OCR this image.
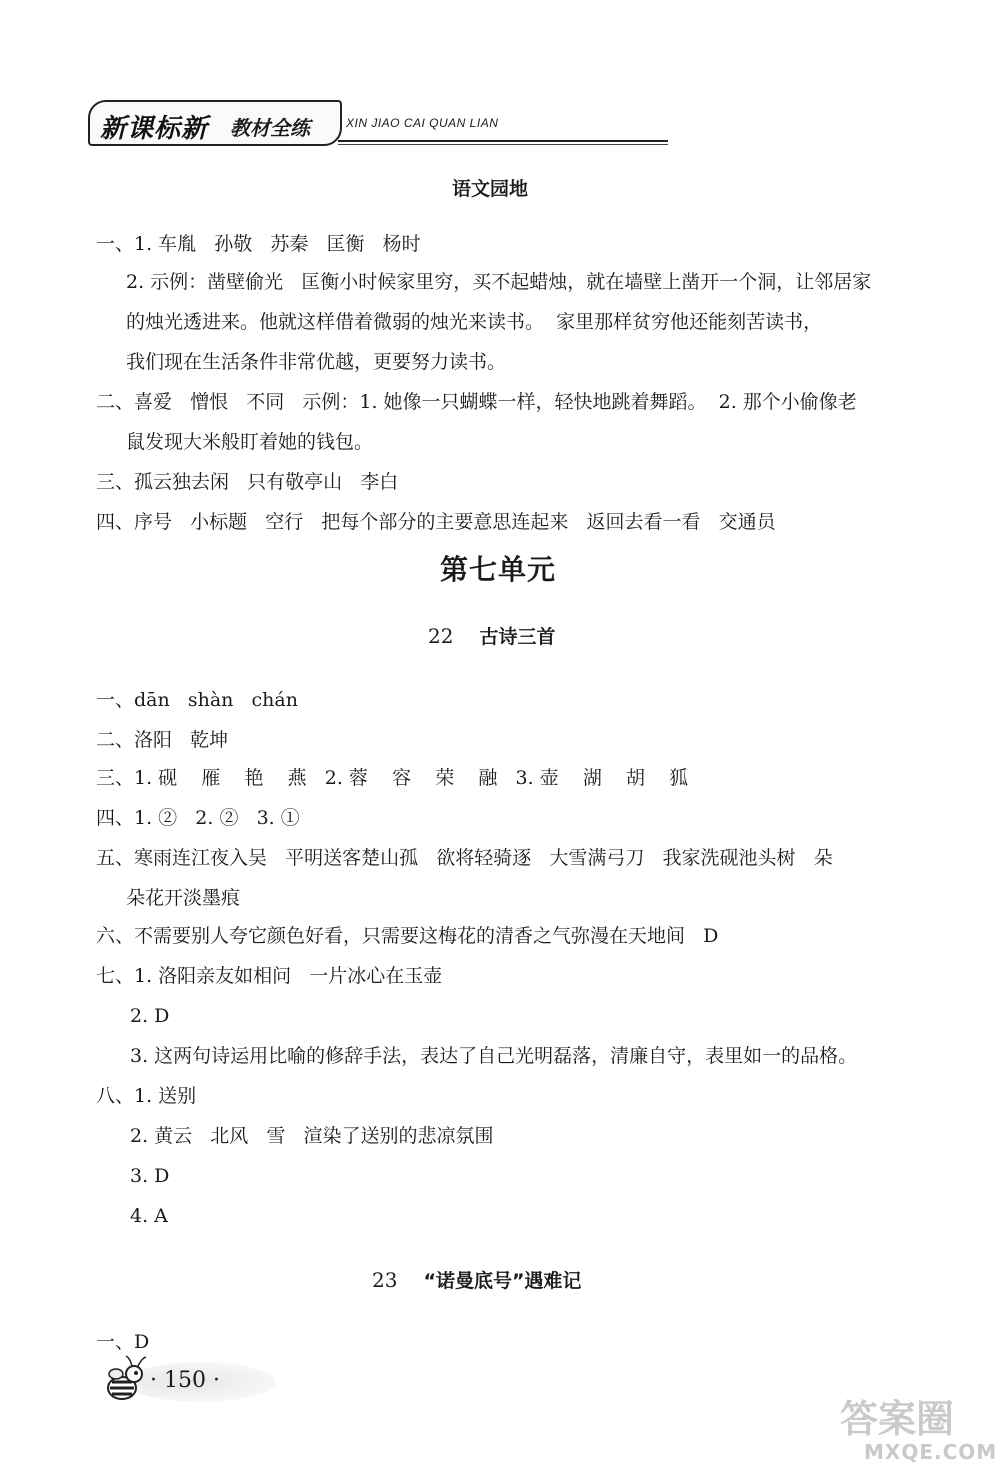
新课标新 教材全练	XIN JIAO CAI QUAN LIAN
语文园地
一、1. 车胤   孙敬   苏秦   匡衡   杨时
2. 示例：凿壁偷光   匡衡小时候家里穷，买不起蜡烛，就在墙壁上凿开一个洞，让邻居家
的烛光透进来。他就这样借着微弱的烛光来读书。  家里那样贫穷他还能刻苦读书，
我们现在生活条件非常优越，更要努力读书。
二、喜爱   憎恨   不同   示例：1. 她像一只蝴蝶一样，轻快地跳着舞蹈。  2. 那个小偷像老
鼠发现大米般盯着她的钱包。
三、孤云独去闲   只有敬亭山   李白
四、序号   小标题   空行   把每个部分的主要意思连起来   返回去看一看   交通员
第七单元
22 古诗三首
一、dān   shàn   chán
二、洛阳   乾坤
三、1. 砚    雁    艳    燕   2. 蓉    容    荣    融   3. 壶    湖    胡    狐
四、1. ②   2. ②   3. ①
五、寒雨连江夜入吴   平明送客楚山孤   欲将轻骑逐   大雪满弓刀   我家洗砚池头树   朵
朵花开淡墨痕
六、不需要别人夸它颜色好看，只需要这梅花的清香之气弥漫在天地间   D
七、1. 洛阳亲友如相问   一片冰心在玉壶
2. D
3. 这两句诗运用比喻的修辞手法，表达了自己光明磊落，清廉自守，表里如一的品格。
八、1. 送别
2. 黄云   北风   雪   渲染了送别的悲凉氛围
3. D
4. A
23 “诺曼底号”遇难记
一、D
· 150 ·
答案圈
MXQE.COM
